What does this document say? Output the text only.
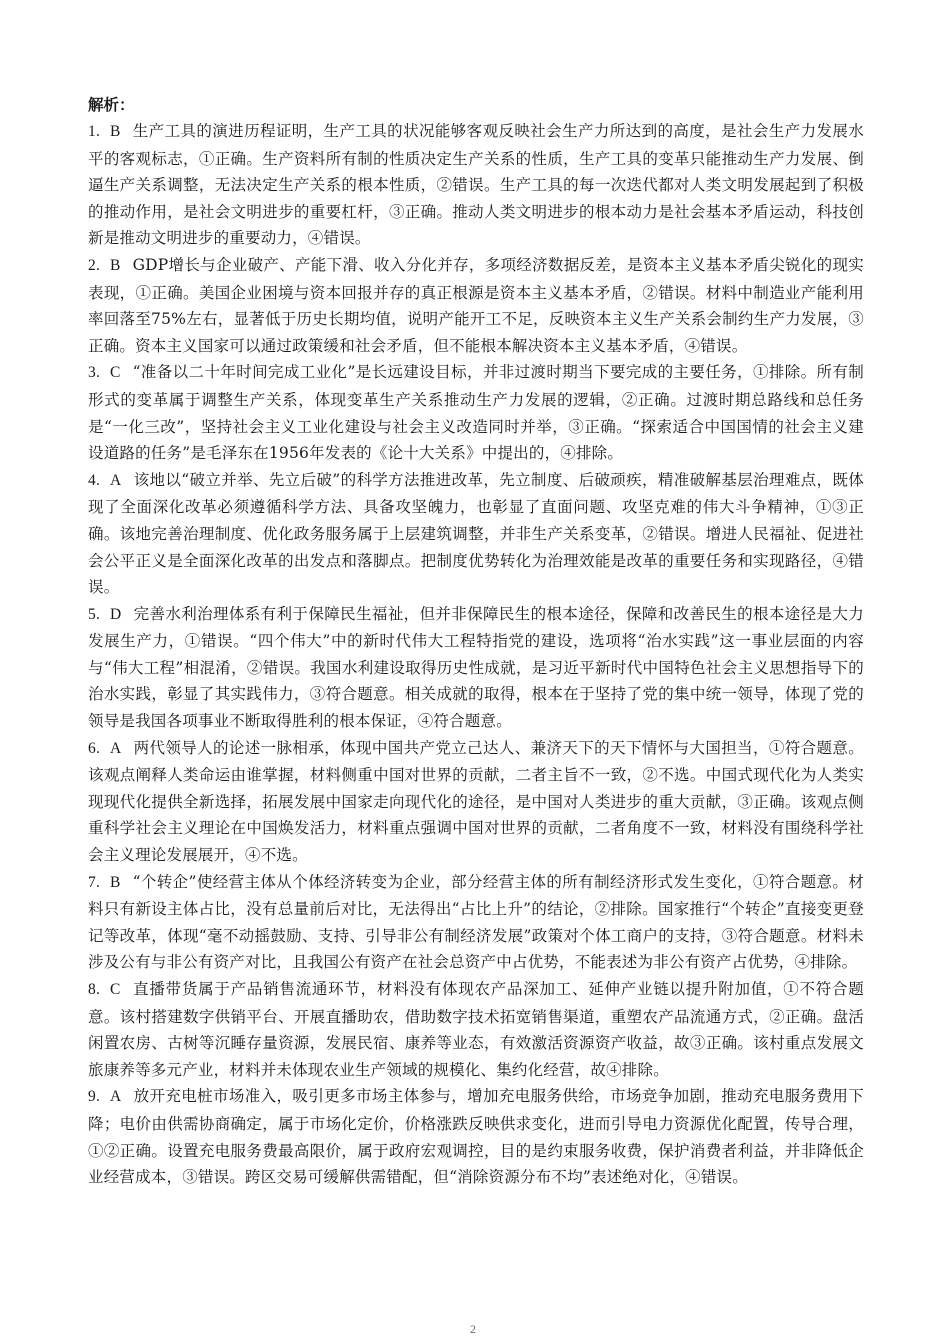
解析：

1. B 生产工具的演进历程证明，生产工具的状况能够客观反映社会生产力所达到的高度，是社会生产力发展水平的客观标志，①正确。生产资料所有制的性质决定生产关系的性质，生产工具的变革只能推动生产力发展、倒逼生产关系调整，无法决定生产关系的根本性质，②错误。生产工具的每一次迭代都对人类文明发展起到了积极的推动作用，是社会文明进步的重要杠杆，③正确。推动人类文明进步的根本动力是社会基本矛盾运动，科技创新是推动文明进步的重要动力，④错误。

2. B GDP增长与企业破产、产能下滑、收入分化并存，多项经济数据反差，是资本主义基本矛盾尖锐化的现实表现，①正确。美国企业困境与资本回报并存的真正根源是资本主义基本矛盾，②错误。材料中制造业产能利用率回落至75%左右，显著低于历史长期均值，说明产能开工不足，反映资本主义生产关系会制约生产力发展，③正确。资本主义国家可以通过政策缓和社会矛盾，但不能根本解决资本主义基本矛盾，④错误。

3. C “准备以二十年时间完成工业化”是长远建设目标，并非过渡时期当下要完成的主要任务，①排除。所有制形式的变革属于调整生产关系，体现变革生产关系推动生产力发展的逻辑，②正确。过渡时期总路线和总任务是“一化三改”，坚持社会主义工业化建设与社会主义改造同时并举，③正确。“探索适合中国国情的社会主义建设道路的任务”是毛泽东在1956年发表的《论十大关系》中提出的，④排除。

4. A 该地以“破立并举、先立后破”的科学方法推进改革，先立制度、后破顽疾，精准破解基层治理难点，既体现了全面深化改革必须遵循科学方法、具备攻坚魄力，也彰显了直面问题、攻坚克难的伟大斗争精神，①③正确。该地完善治理制度、优化政务服务属于上层建筑调整，并非生产关系变革，②错误。增进人民福祉、促进社会公平正义是全面深化改革的出发点和落脚点。把制度优势转化为治理效能是改革的重要任务和实现路径，④错误。

5. D 完善水利治理体系有利于保障民生福祉，但并非保障民生的根本途径，保障和改善民生的根本途径是大力发展生产力，①错误。“四个伟大”中的新时代伟大工程特指党的建设，选项将“治水实践”这一事业层面的内容与“伟大工程”相混淆，②错误。我国水利建设取得历史性成就，是习近平新时代中国特色社会主义思想指导下的治水实践，彰显了其实践伟力，③符合题意。相关成就的取得，根本在于坚持了党的集中统一领导，体现了党的领导是我国各项事业不断取得胜利的根本保证，④符合题意。

6. A 两代领导人的论述一脉相承，体现中国共产党立己达人、兼济天下的天下情怀与大国担当，①符合题意。该观点阐释人类命运由谁掌握，材料侧重中国对世界的贡献，二者主旨不一致，②不选。中国式现代化为人类实现现代化提供全新选择，拓展发展中国家走向现代化的途径，是中国对人类进步的重大贡献，③正确。该观点侧重科学社会主义理论在中国焕发活力，材料重点强调中国对世界的贡献，二者角度不一致，材料没有围绕科学社会主义理论发展展开，④不选。

7. B “个转企”使经营主体从个体经济转变为企业，部分经营主体的所有制经济形式发生变化，①符合题意。材料只有新设主体占比，没有总量前后对比，无法得出“占比上升”的结论，②排除。国家推行“个转企”直接变更登记等改革，体现“毫不动摇鼓励、支持、引导非公有制经济发展”政策对个体工商户的支持，③符合题意。材料未涉及公有与非公有资产对比，且我国公有资产在社会总资产中占优势，不能表述为非公有资产占优势，④排除。

8. C 直播带货属于产品销售流通环节，材料没有体现农产品深加工、延伸产业链以提升附加值，①不符合题意。该村搭建数字供销平台、开展直播助农，借助数字技术拓宽销售渠道，重塑农产品流通方式，②正确。盘活闲置农房、古树等沉睡存量资源，发展民宿、康养等业态，有效激活资源资产收益，故③正确。该村重点发展文旅康养等多元产业，材料并未体现农业生产领域的规模化、集约化经营，故④排除。

9. A 放开充电桩市场准入，吸引更多市场主体参与，增加充电服务供给，市场竞争加剧，推动充电服务费用下降；电价由供需协商确定，属于市场化定价，价格涨跌反映供求变化，进而引导电力资源优化配置，传导合理，①②正确。设置充电服务费最高限价，属于政府宏观调控，目的是约束服务收费，保护消费者利益，并非降低企业经营成本，③错误。跨区交易可缓解供需错配，但“消除资源分布不均”表述绝对化，④错误。

2
